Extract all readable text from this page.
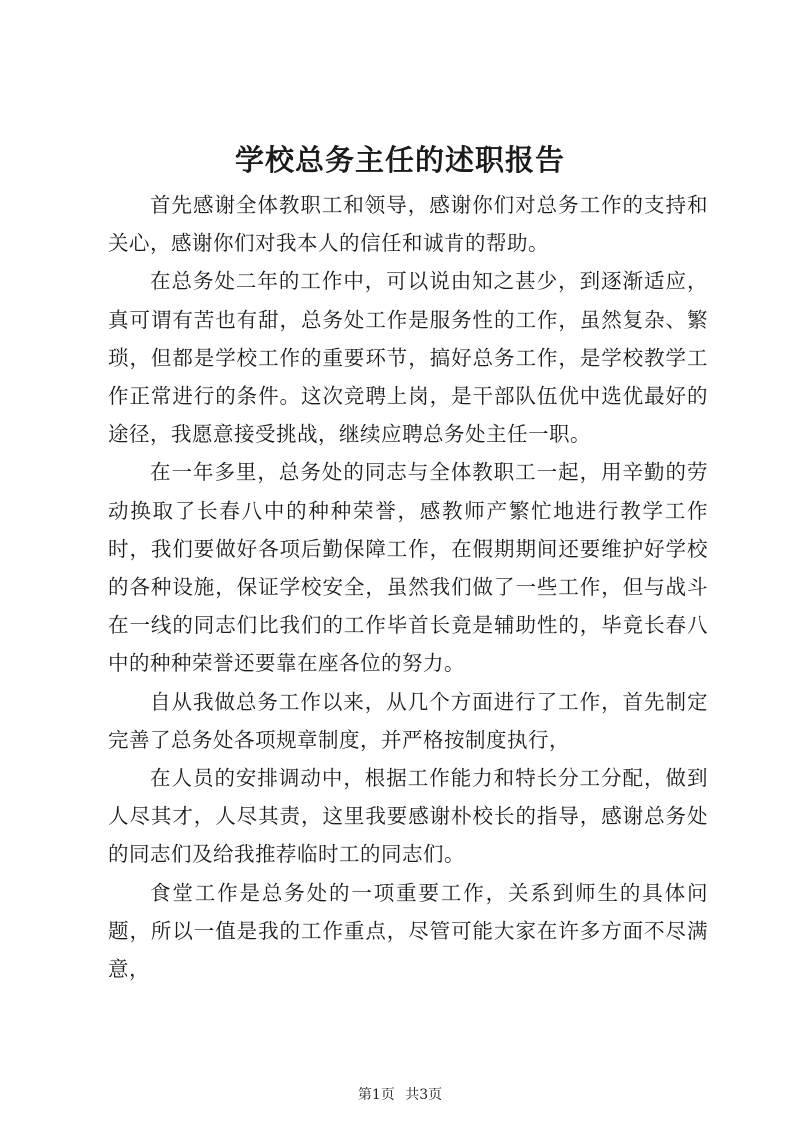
学校总务主任的述职报告

首先感谢全体教职工和领导，感谢你们对总务工作的支持和关心，感谢你们对我本人的信任和诚肯的帮助。

在总务处二年的工作中，可以说由知之甚少，到逐渐适应，真可谓有苦也有甜，总务处工作是服务性的工作，虽然复杂、繁琐，但都是学校工作的重要环节，搞好总务工作，是学校教学工作正常进行的条件。这次竞聘上岗，是干部队伍优中选优最好的途径，我愿意接受挑战，继续应聘总务处主任一职。

在一年多里，总务处的同志与全体教职工一起，用辛勤的劳动换取了长春八中的种种荣誉，感教师产繁忙地进行教学工作时，我们要做好各项后勤保障工作，在假期期间还要维护好学校的各种设施，保证学校安全，虽然我们做了一些工作，但与战斗在一线的同志们比我们的工作毕首长竟是辅助性的，毕竟长春八中的种种荣誉还要靠在座各位的努力。

自从我做总务工作以来，从几个方面进行了工作，首先制定完善了总务处各项规章制度，并严格按制度执行，

在人员的安排调动中，根据工作能力和特长分工分配，做到人尽其才，人尽其责，这里我要感谢朴校长的指导，感谢总务处的同志们及给我推荐临时工的同志们。

食堂工作是总务处的一项重要工作，关系到师生的具体问题，所以一值是我的工作重点，尽管可能大家在许多方面不尽满意，

第1页 共3页
